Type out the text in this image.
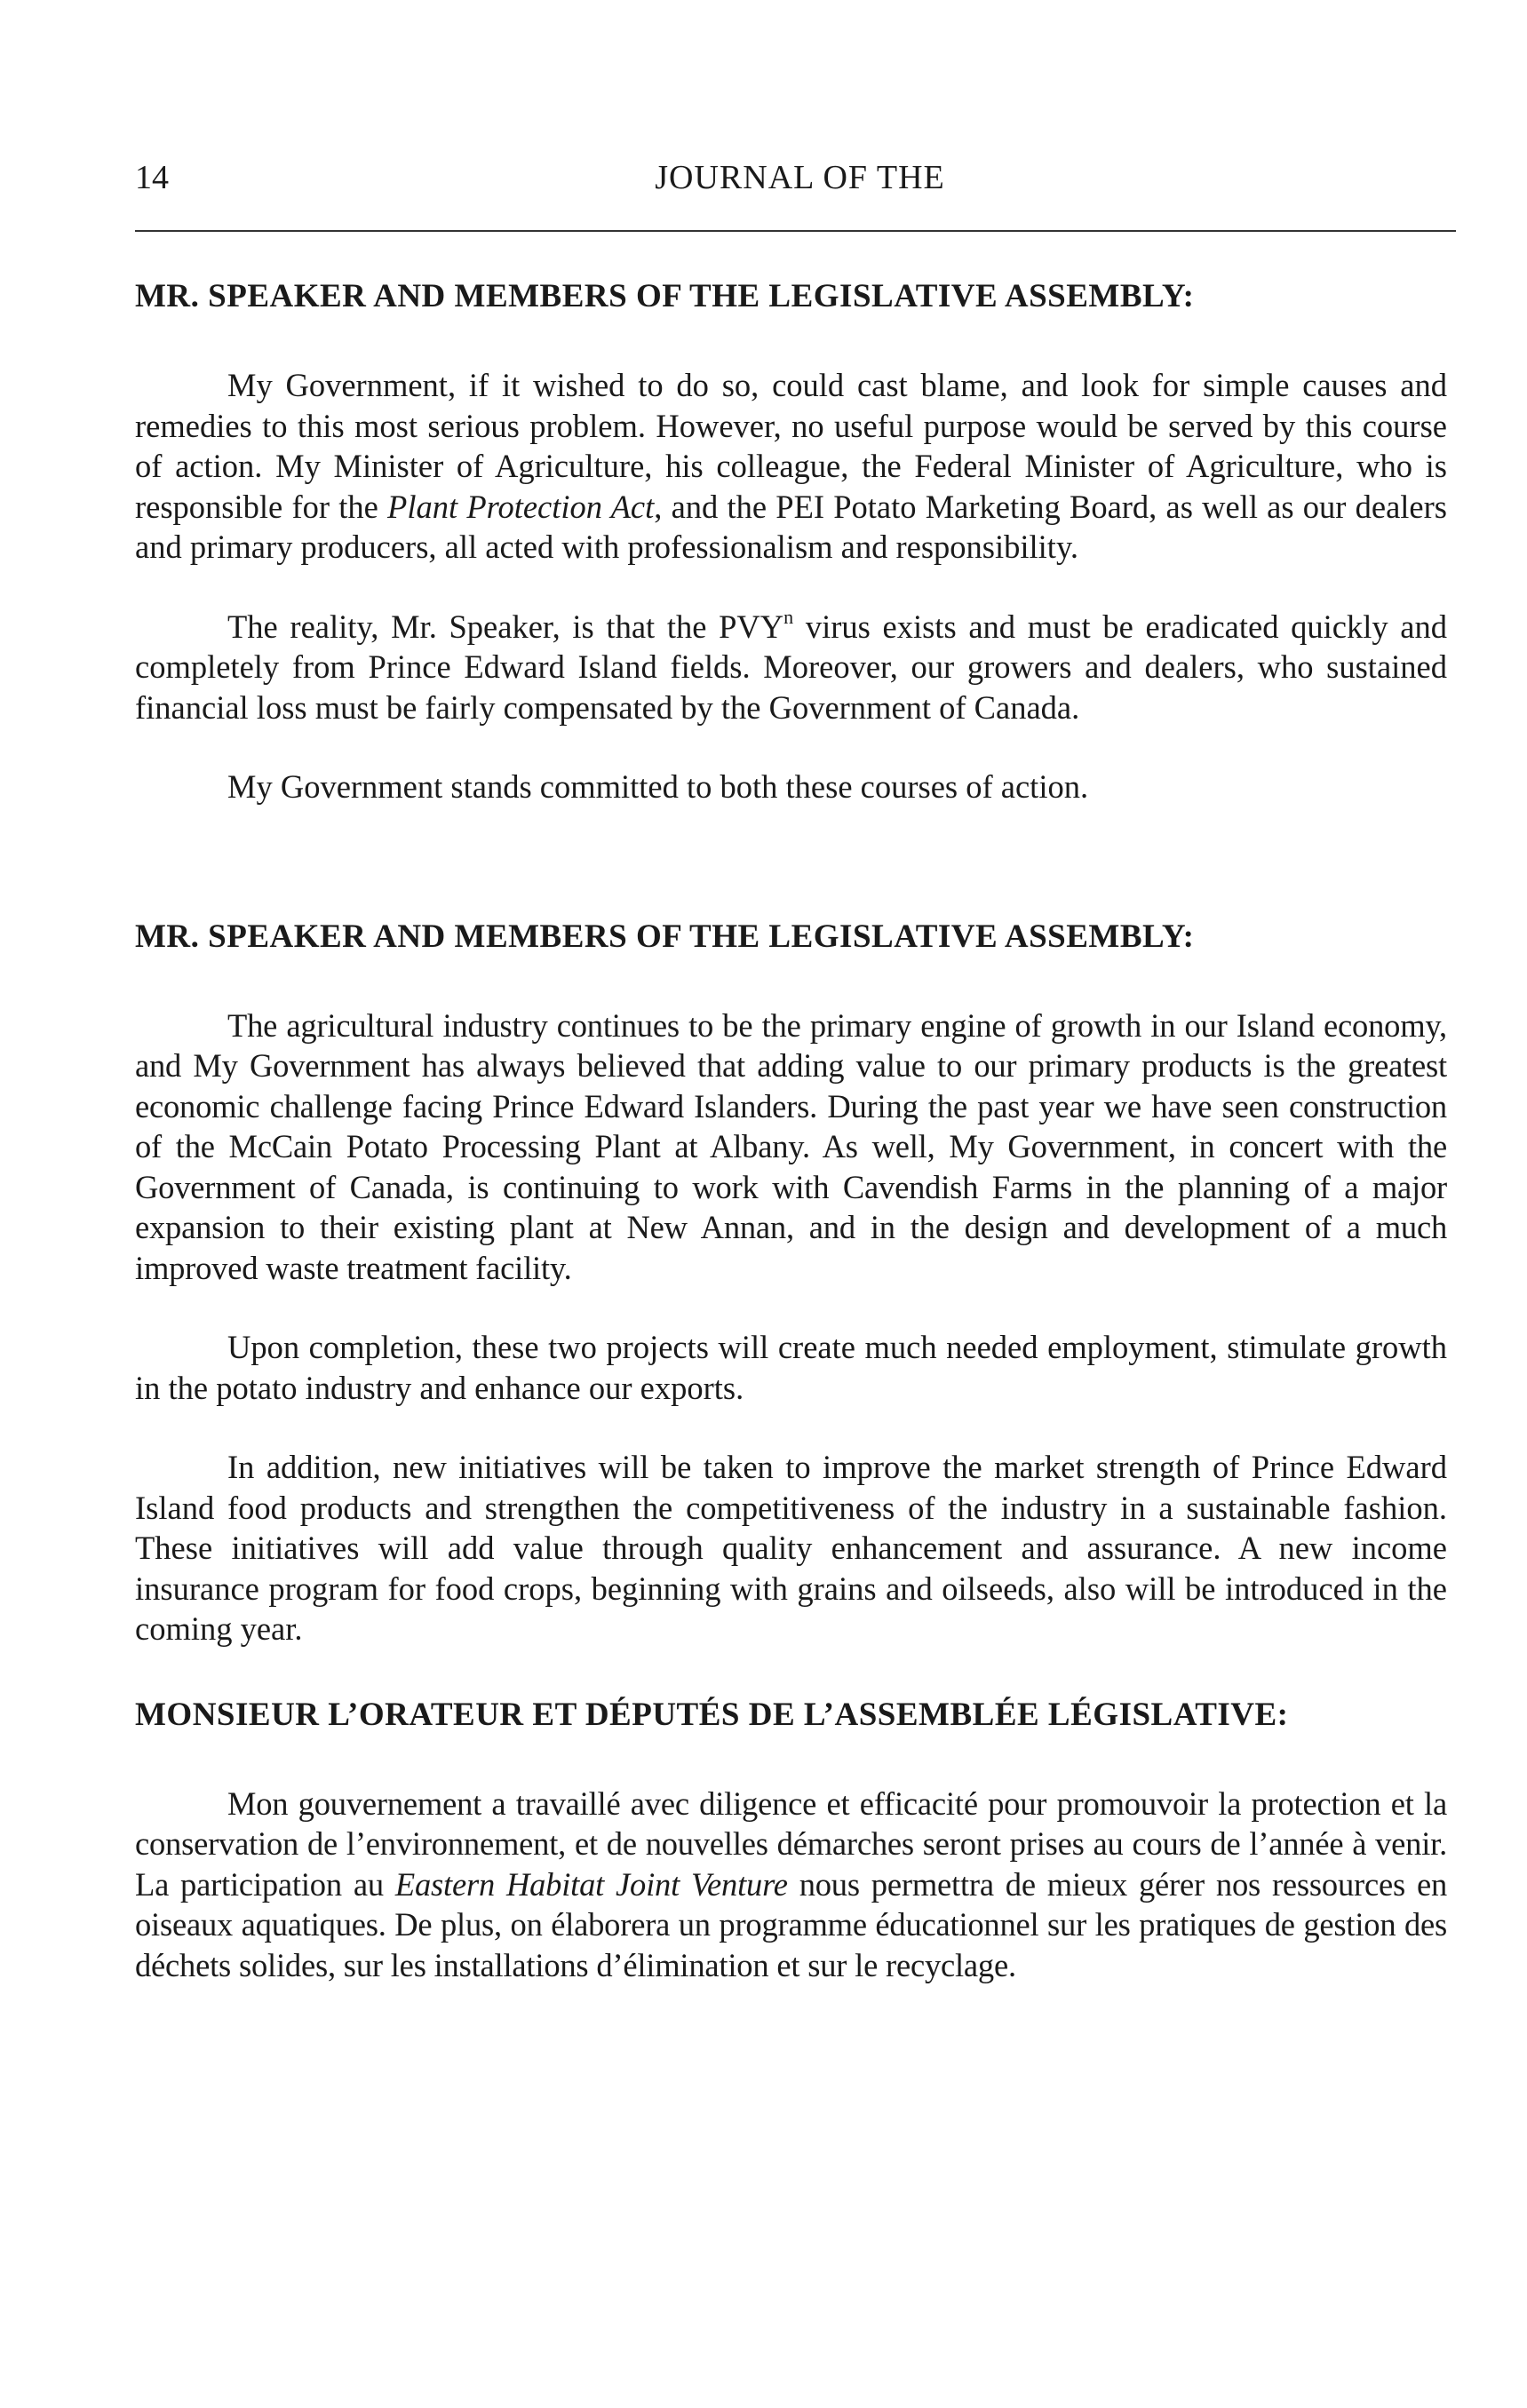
14	JOURNAL OF THE
MR. SPEAKER AND MEMBERS OF THE LEGISLATIVE ASSEMBLY:

My Government, if it wished to do so, could cast blame, and look for simple causes and remedies to this most serious problem. However, no useful purpose would be served by this course of action. My Minister of Agriculture, his colleague, the Federal Minister of Agriculture, who is responsible for the Plant Protection Act, and the PEI Potato Marketing Board, as well as our dealers and primary producers, all acted with professionalism and responsibility.

The reality, Mr. Speaker, is that the PVY$^n$ virus exists and must be eradicated quickly and completely from Prince Edward Island fields. Moreover, our growers and dealers, who sustained financial loss must be fairly compensated by the Government of Canada.

My Government stands committed to both these courses of action.

MR. SPEAKER AND MEMBERS OF THE LEGISLATIVE ASSEMBLY:

The agricultural industry continues to be the primary engine of growth in our Island economy, and My Government has always believed that adding value to our primary products is the greatest economic challenge facing Prince Edward Islanders. During the past year we have seen construction of the McCain Potato Processing Plant at Albany. As well, My Government, in concert with the Government of Canada, is continuing to work with Cavendish Farms in the planning of a major expansion to their existing plant at New Annan, and in the design and development of a much improved waste treatment facility.

Upon completion, these two projects will create much needed employment, stimulate growth in the potato industry and enhance our exports.

In addition, new initiatives will be taken to improve the market strength of Prince Edward Island food products and strengthen the competitiveness of the industry in a sustainable fashion. These initiatives will add value through quality enhancement and assurance. A new income insurance program for food crops, beginning with grains and oilseeds, also will be introduced in the coming year.

MONSIEUR L’ORATEUR ET DÉPUTÉS DE L’ASSEMBLÉE LÉGISLATIVE:

Mon gouvernement a travaillé avec diligence et efficacité pour promouvoir la protection et la conservation de l’environnement, et de nouvelles démarches seront prises au cours de l’année à venir. La participation au Eastern Habitat Joint Venture nous permettra de mieux gérer nos ressources en oiseaux aquatiques. De plus, on élaborera un programme éducationnel sur les pratiques de gestion des déchets solides, sur les installations d’élimination et sur le recyclage.
